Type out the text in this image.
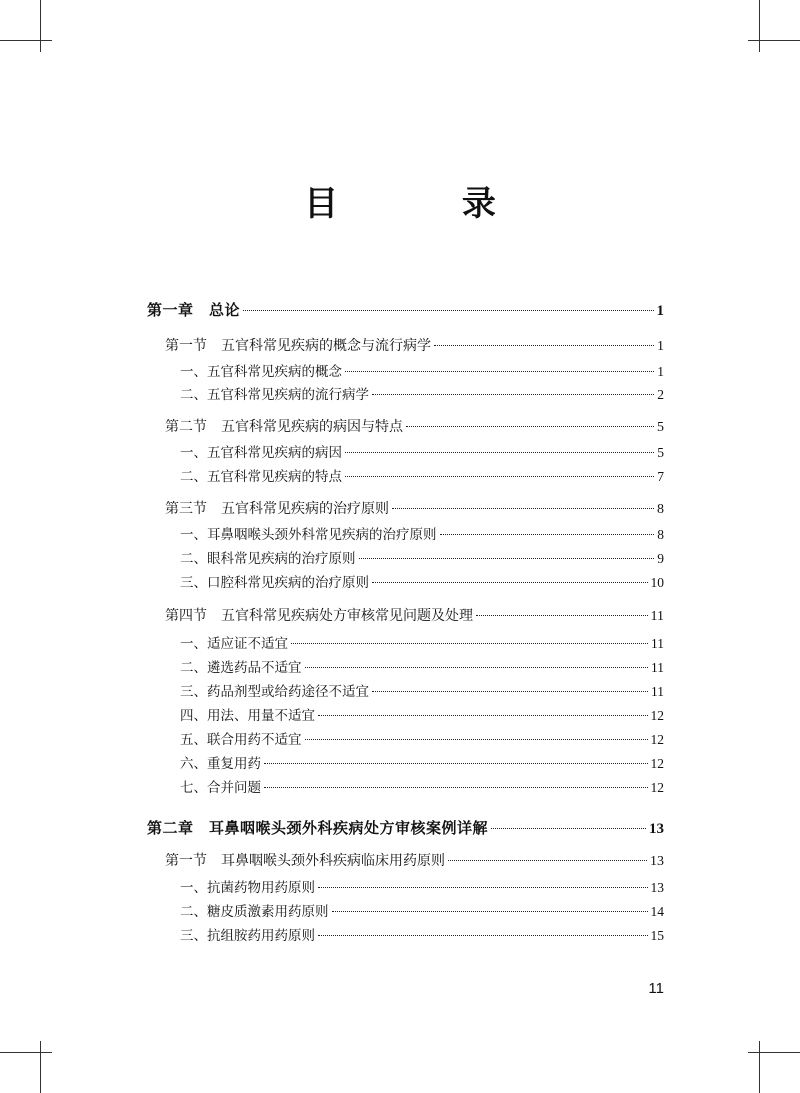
目 录
第一章　总论	1
第一节　五官科常见疾病的概念与流行病学	1
一、五官科常见疾病的概念	1
二、五官科常见疾病的流行病学	2
第二节　五官科常见疾病的病因与特点	5
一、五官科常见疾病的病因	5
二、五官科常见疾病的特点	7
第三节　五官科常见疾病的治疗原则	8
一、耳鼻咽喉头颈外科常见疾病的治疗原则	8
二、眼科常见疾病的治疗原则	9
三、口腔科常见疾病的治疗原则	10
第四节　五官科常见疾病处方审核常见问题及处理	11
一、适应证不适宜	11
二、遴选药品不适宜	11
三、药品剂型或给药途径不适宜	11
四、用法、用量不适宜	12
五、联合用药不适宜	12
六、重复用药	12
七、合并问题	12
第二章　耳鼻咽喉头颈外科疾病处方审核案例详解	13
第一节　耳鼻咽喉头颈外科疾病临床用药原则	13
一、抗菌药物用药原则	13
二、糖皮质激素用药原则	14
三、抗组胺药用药原则	15
11
